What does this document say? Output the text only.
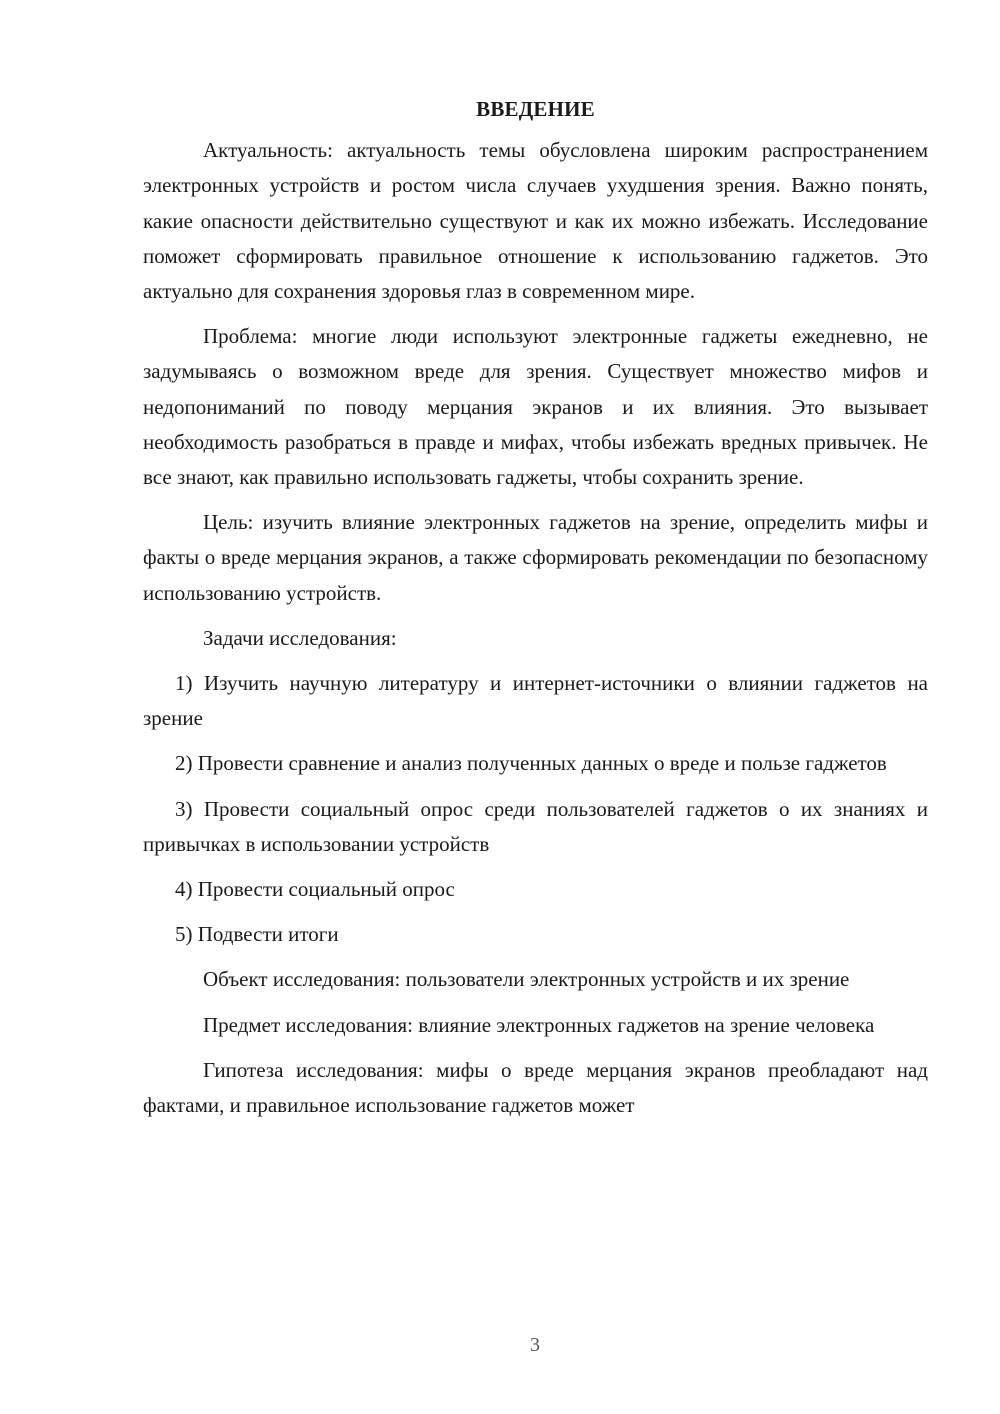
ВВЕДЕНИЕ

Актуальность: актуальность темы обусловлена широким распространением электронных устройств и ростом числа случаев ухудшения зрения. Важно понять, какие опасности действительно существуют и как их можно избежать. Исследование поможет сформировать правильное отношение к использованию гаджетов. Это актуально для сохранения здоровья глаз в современном мире.

Проблема: многие люди используют электронные гаджеты ежедневно, не задумываясь о возможном вреде для зрения. Существует множество мифов и недопониманий по поводу мерцания экранов и их влияния. Это вызывает необходимость разобраться в правде и мифах, чтобы избежать вредных привычек. Не все знают, как правильно использовать гаджеты, чтобы сохранить зрение.

Цель: изучить влияние электронных гаджетов на зрение, определить мифы и факты о вреде мерцания экранов, а также сформировать рекомендации по безопасному использованию устройств.

Задачи исследования:

1) Изучить научную литературу и интернет-источники о влиянии гаджетов на зрение

2) Провести сравнение и анализ полученных данных о вреде и пользе гаджетов

3) Провести социальный опрос среди пользователей гаджетов о их знаниях и привычках в использовании устройств

4) Провести социальный опрос

5) Подвести итоги

Объект исследования: пользователи электронных устройств и их зрение

Предмет исследования: влияние электронных гаджетов на зрение человека

Гипотеза исследования: мифы о вреде мерцания экранов преобладают над фактами, и правильное использование гаджетов может

3
